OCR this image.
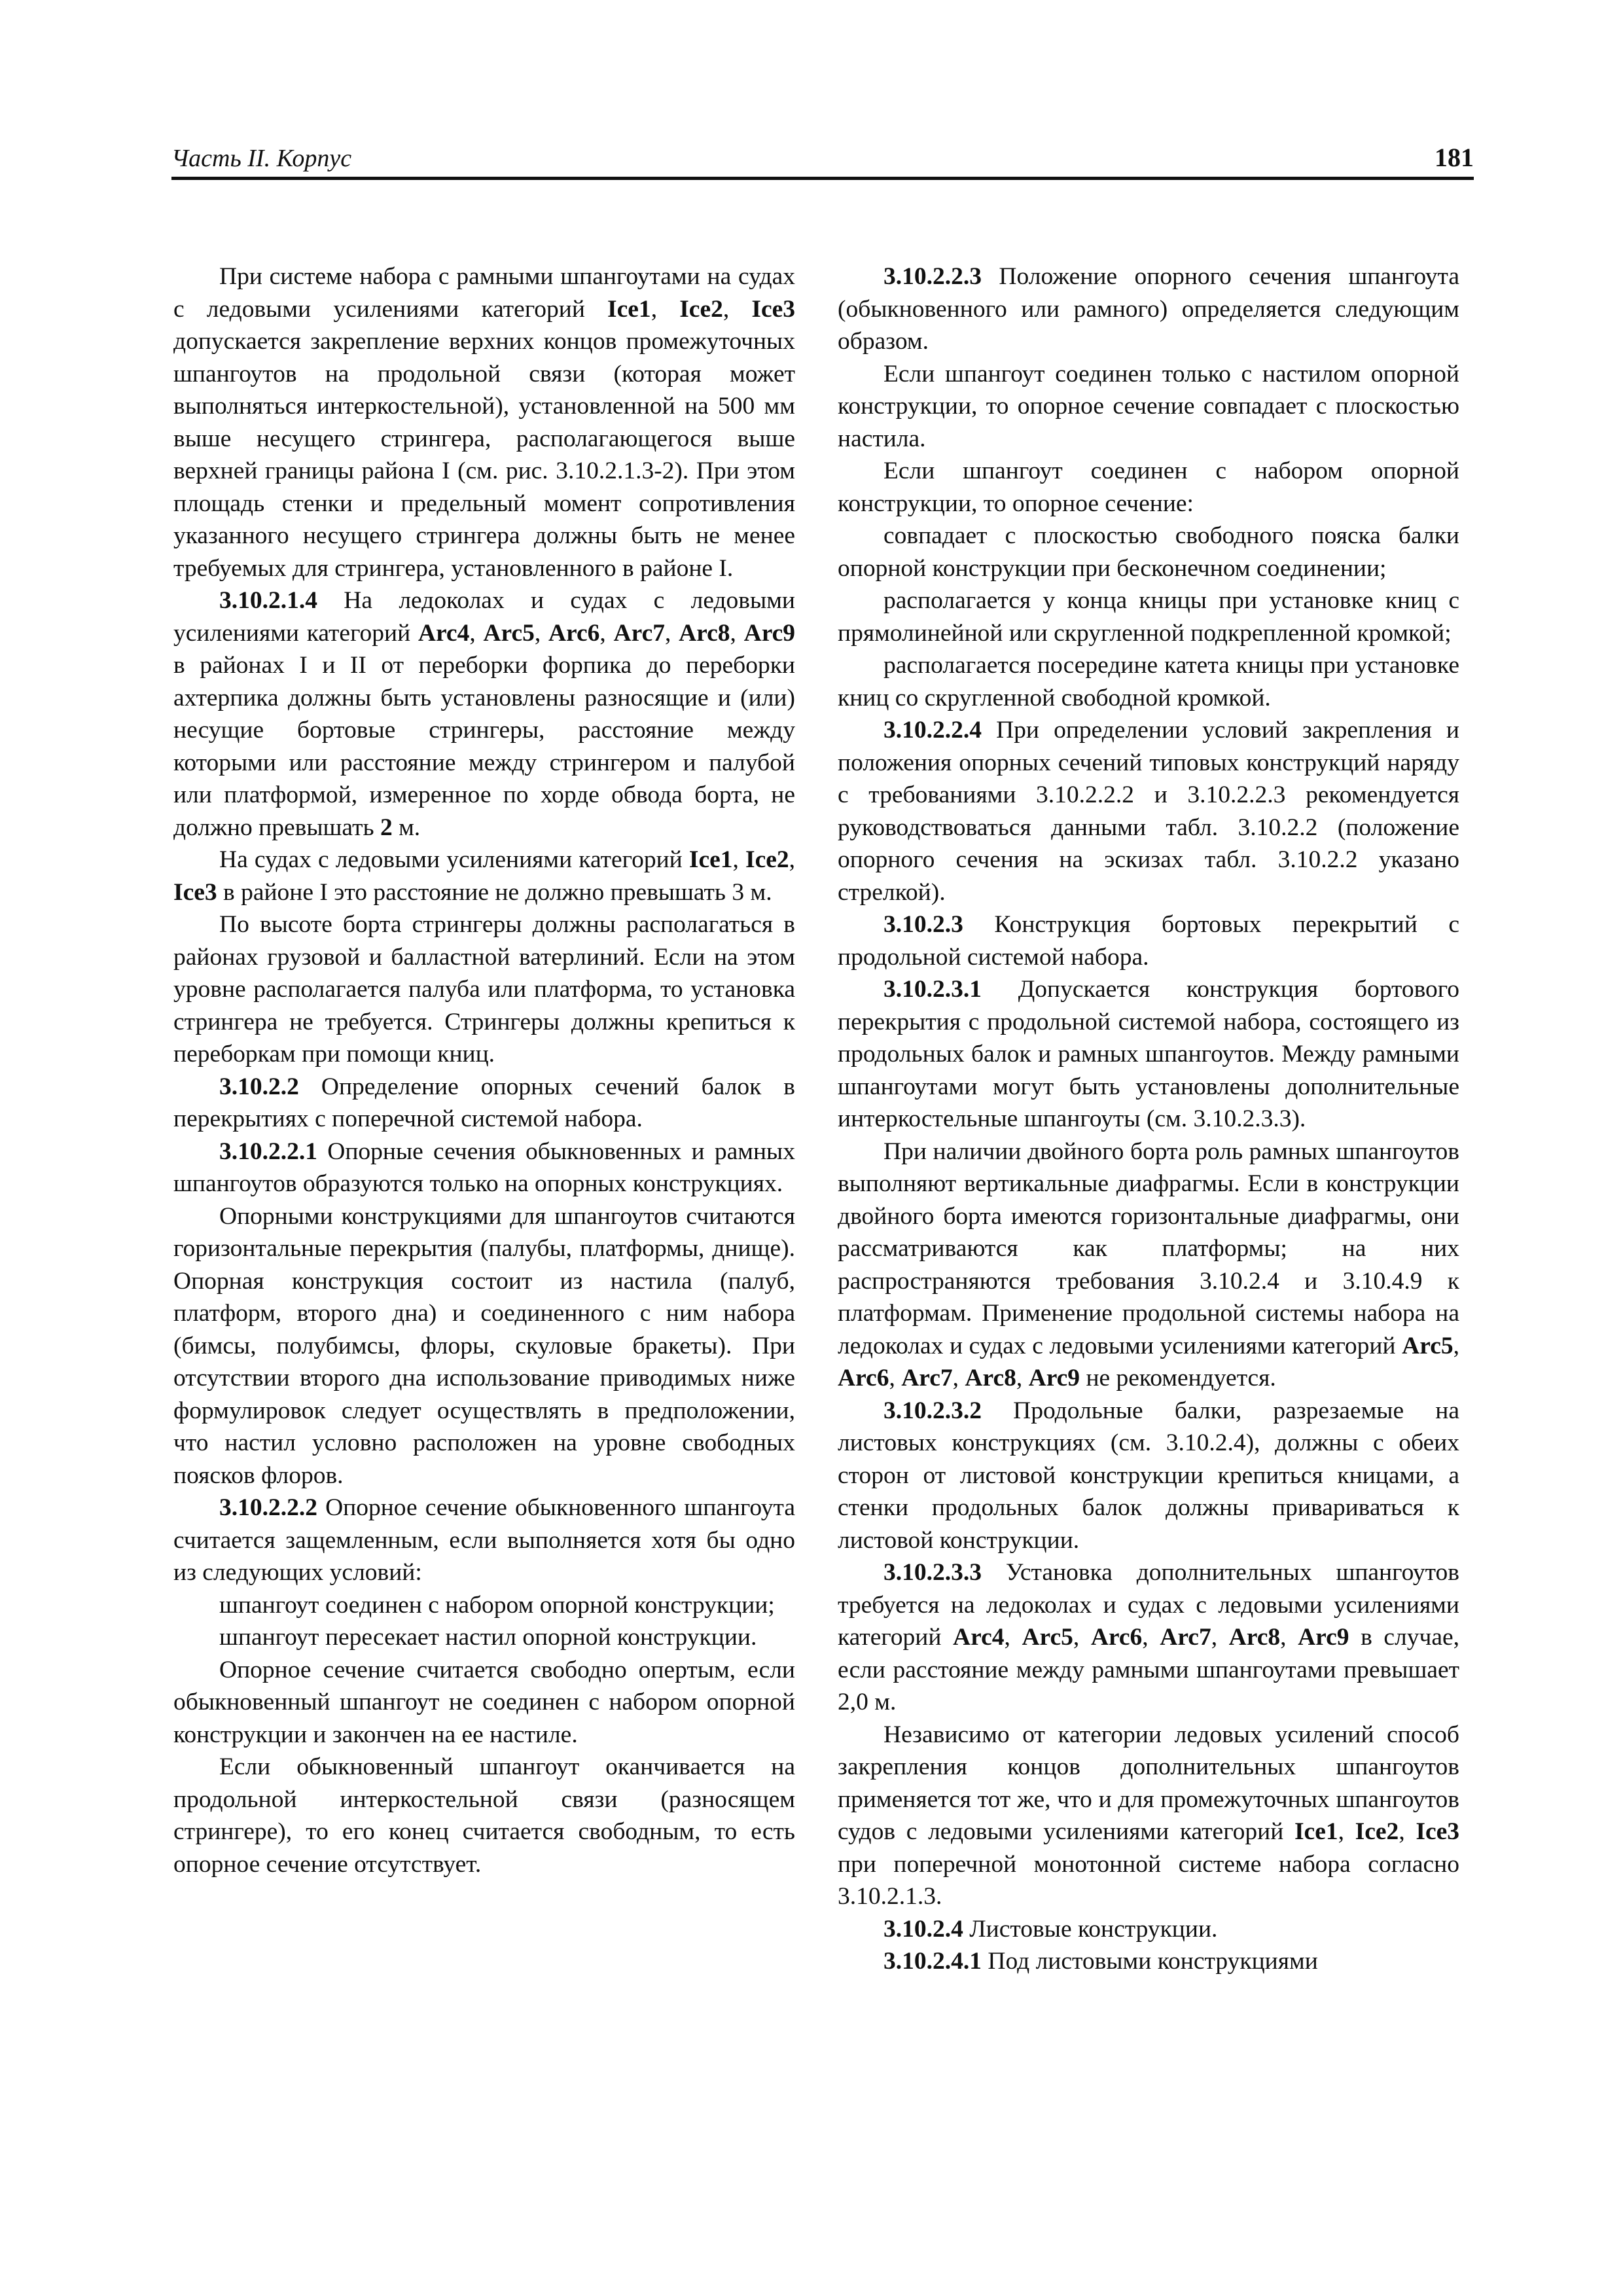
Часть II. Корпус	181

При системе набора с рамными шпангоутами на судах с ледовыми усилениями категорий Ice1, Ice2, Ice3 допускается закрепление верхних концов промежуточных шпангоутов на продольной связи (которая может выполняться интеркостельной), установленной на 500 мм выше несущего стрингера, располагающегося выше верхней границы района I (см. рис. 3.10.2.1.3-2). При этом площадь стенки и предельный момент сопротивления указанного несущего стрингера должны быть не менее требуемых для стрингера, установленного в районе I.

3.10.2.1.4 На ледоколах и судах с ледовыми усилениями категорий Arc4, Arc5, Arc6, Arc7, Arc8, Arc9 в районах I и II от переборки форпика до переборки ахтерпика должны быть установлены разносящие и (или) несущие бортовые стрингеры, расстояние между которыми или расстояние между стрингером и палубой или платформой, измеренное по хорде обвода борта, не должно превышать 2 м.

На судах с ледовыми усилениями категорий Ice1, Ice2, Ice3 в районе I это расстояние не должно превышать 3 м.

По высоте борта стрингеры должны располагаться в районах грузовой и балластной ватерлиний. Если на этом уровне располагается палуба или платформа, то установка стрингера не требуется. Стрингеры должны крепиться к переборкам при помощи книц.

3.10.2.2 Определение опорных сечений балок в перекрытиях с поперечной системой набора.

3.10.2.2.1 Опорные сечения обыкновенных и рамных шпангоутов образуются только на опорных конструкциях.

Опорными конструкциями для шпангоутов считаются горизонтальные перекрытия (палубы, платформы, днище). Опорная конструкция состоит из настила (палуб, платформ, второго дна) и соединенного с ним набора (бимсы, полубимсы, флоры, скуловые бракеты). При отсутствии второго дна использование приводимых ниже формулировок следует осуществлять в предположении, что настил условно расположен на уровне свободных поясков флоров.

3.10.2.2.2 Опорное сечение обыкновенного шпангоута считается защемленным, если выполняется хотя бы одно из следующих условий:

шпангоут соединен с набором опорной конструкции;

шпангоут пересекает настил опорной конструкции.

Опорное сечение считается свободно опертым, если обыкновенный шпангоут не соединен с набором опорной конструкции и закончен на ее настиле.

Если обыкновенный шпангоут оканчивается на продольной интеркостельной связи (разносящем стрингере), то его конец считается свободным, то есть опорное сечение отсутствует.

3.10.2.2.3 Положение опорного сечения шпангоута (обыкновенного или рамного) определяется следующим образом.

Если шпангоут соединен только с настилом опорной конструкции, то опорное сечение совпадает с плоскостью настила.

Если шпангоут соединен с набором опорной конструкции, то опорное сечение:

совпадает с плоскостью свободного пояска балки опорной конструкции при бесконечном соединении;

располагается у конца кницы при установке книц с прямолинейной или скругленной подкрепленной кромкой;

располагается посередине катета кницы при установке книц со скругленной свободной кромкой.

3.10.2.2.4 При определении условий закрепления и положения опорных сечений типовых конструкций наряду с требованиями 3.10.2.2.2 и 3.10.2.2.3 рекомендуется руководствоваться данными табл. 3.10.2.2 (положение опорного сечения на эскизах табл. 3.10.2.2 указано стрелкой).

3.10.2.3 Конструкция бортовых перекрытий с продольной системой набора.

3.10.2.3.1 Допускается конструкция бортового перекрытия с продольной системой набора, состоящего из продольных балок и рамных шпангоутов. Между рамными шпангоутами могут быть установлены дополнительные интеркостельные шпангоуты (см. 3.10.2.3.3).

При наличии двойного борта роль рамных шпангоутов выполняют вертикальные диафрагмы. Если в конструкции двойного борта имеются горизонтальные диафрагмы, они рассматриваются как платформы; на них распространяются требования 3.10.2.4 и 3.10.4.9 к платформам. Применение продольной системы набора на ледоколах и судах с ледовыми усилениями категорий Arc5, Arc6, Arc7, Arc8, Arc9 не рекомендуется.

3.10.2.3.2 Продольные балки, разрезаемые на листовых конструкциях (см. 3.10.2.4), должны с обеих сторон от листовой конструкции крепиться кницами, а стенки продольных балок должны привариваться к листовой конструкции.

3.10.2.3.3 Установка дополнительных шпангоутов требуется на ледоколах и судах с ледовыми усилениями категорий Arc4, Arc5, Arc6, Arc7, Arc8, Arc9 в случае, если расстояние между рамными шпангоутами превышает 2,0 м.

Независимо от категории ледовых усилений способ закрепления концов дополнительных шпангоутов применяется тот же, что и для промежуточных шпангоутов судов с ледовыми усилениями категорий Ice1, Ice2, Ice3 при поперечной монотонной системе набора согласно 3.10.2.1.3.

3.10.2.4 Листовые конструкции.

3.10.2.4.1 Под листовыми конструкциями
